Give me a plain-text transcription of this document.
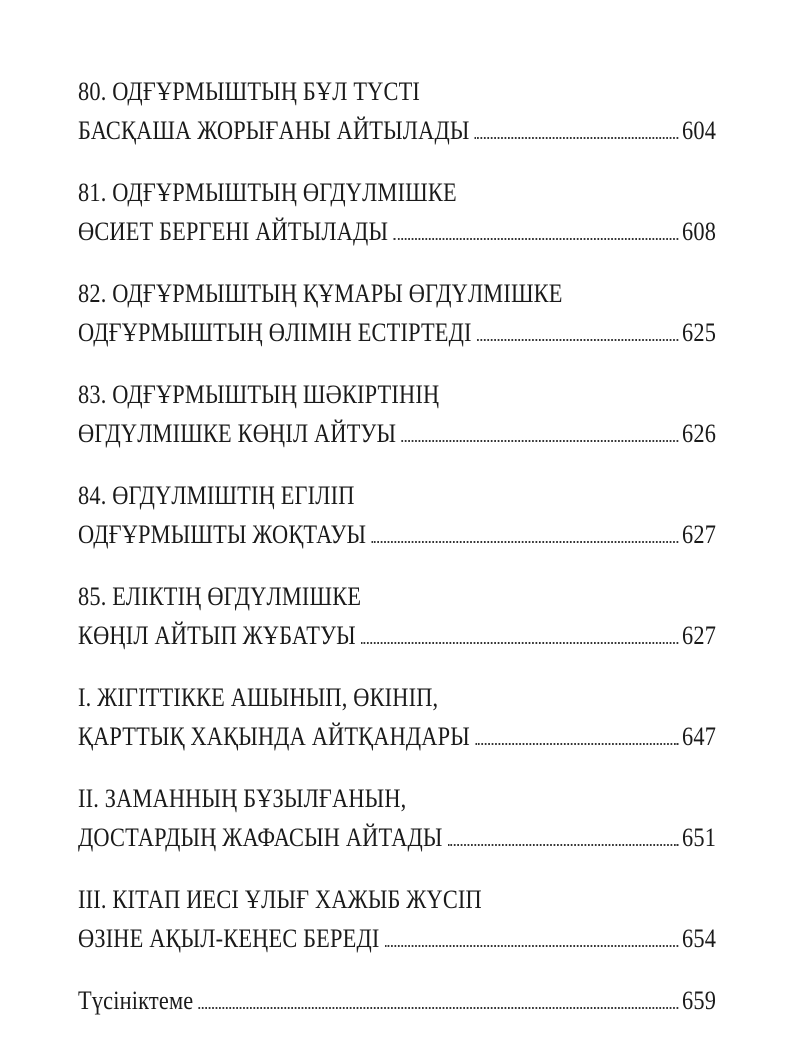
80. ОДҒҰРМЫШТЫҢ БҰЛ ТҮСТІ
БАСҚАША ЖОРЫҒАНЫ АЙТЫЛАДЫ	604
81. ОДҒҰРМЫШТЫҢ ӨГДҮЛМІШКЕ
ӨСИЕТ БЕРГЕНІ АЙТЫЛАДЫ	608
82. ОДҒҰРМЫШТЫҢ ҚҰМАРЫ ӨГДҮЛМІШКЕ
ОДҒҰРМЫШТЫҢ ӨЛІМІН ЕСТІРТЕДІ	625
83. ОДҒҰРМЫШТЫҢ ШӘКІРТІНІҢ
ӨГДҮЛМІШКЕ КӨҢІЛ АЙТУЫ	626
84. ӨГДҮЛМІШТІҢ ЕГІЛІП
ОДҒҰРМЫШТЫ ЖОҚТАУЫ	627
85. ЕЛІКТІҢ ӨГДҮЛМІШКЕ
КӨҢІЛ АЙТЫП ЖҰБАТУЫ	627
I. ЖІГІТТІККЕ АШЫНЫП, ӨКІНІП,
ҚАРТТЫҚ ХАҚЫНДА АЙТҚАНДАРЫ	647
II. ЗАМАННЫҢ БҰЗЫЛҒАНЫН,
ДОСТАРДЫҢ ЖАФАСЫН АЙТАДЫ	651
III. КІТАП ИЕСІ ҰЛЫҒ ХАЖЫБ ЖҮСІП
ӨЗІНЕ АҚЫЛ-КЕҢЕС БЕРЕДІ	654
Түсініктеме	659
